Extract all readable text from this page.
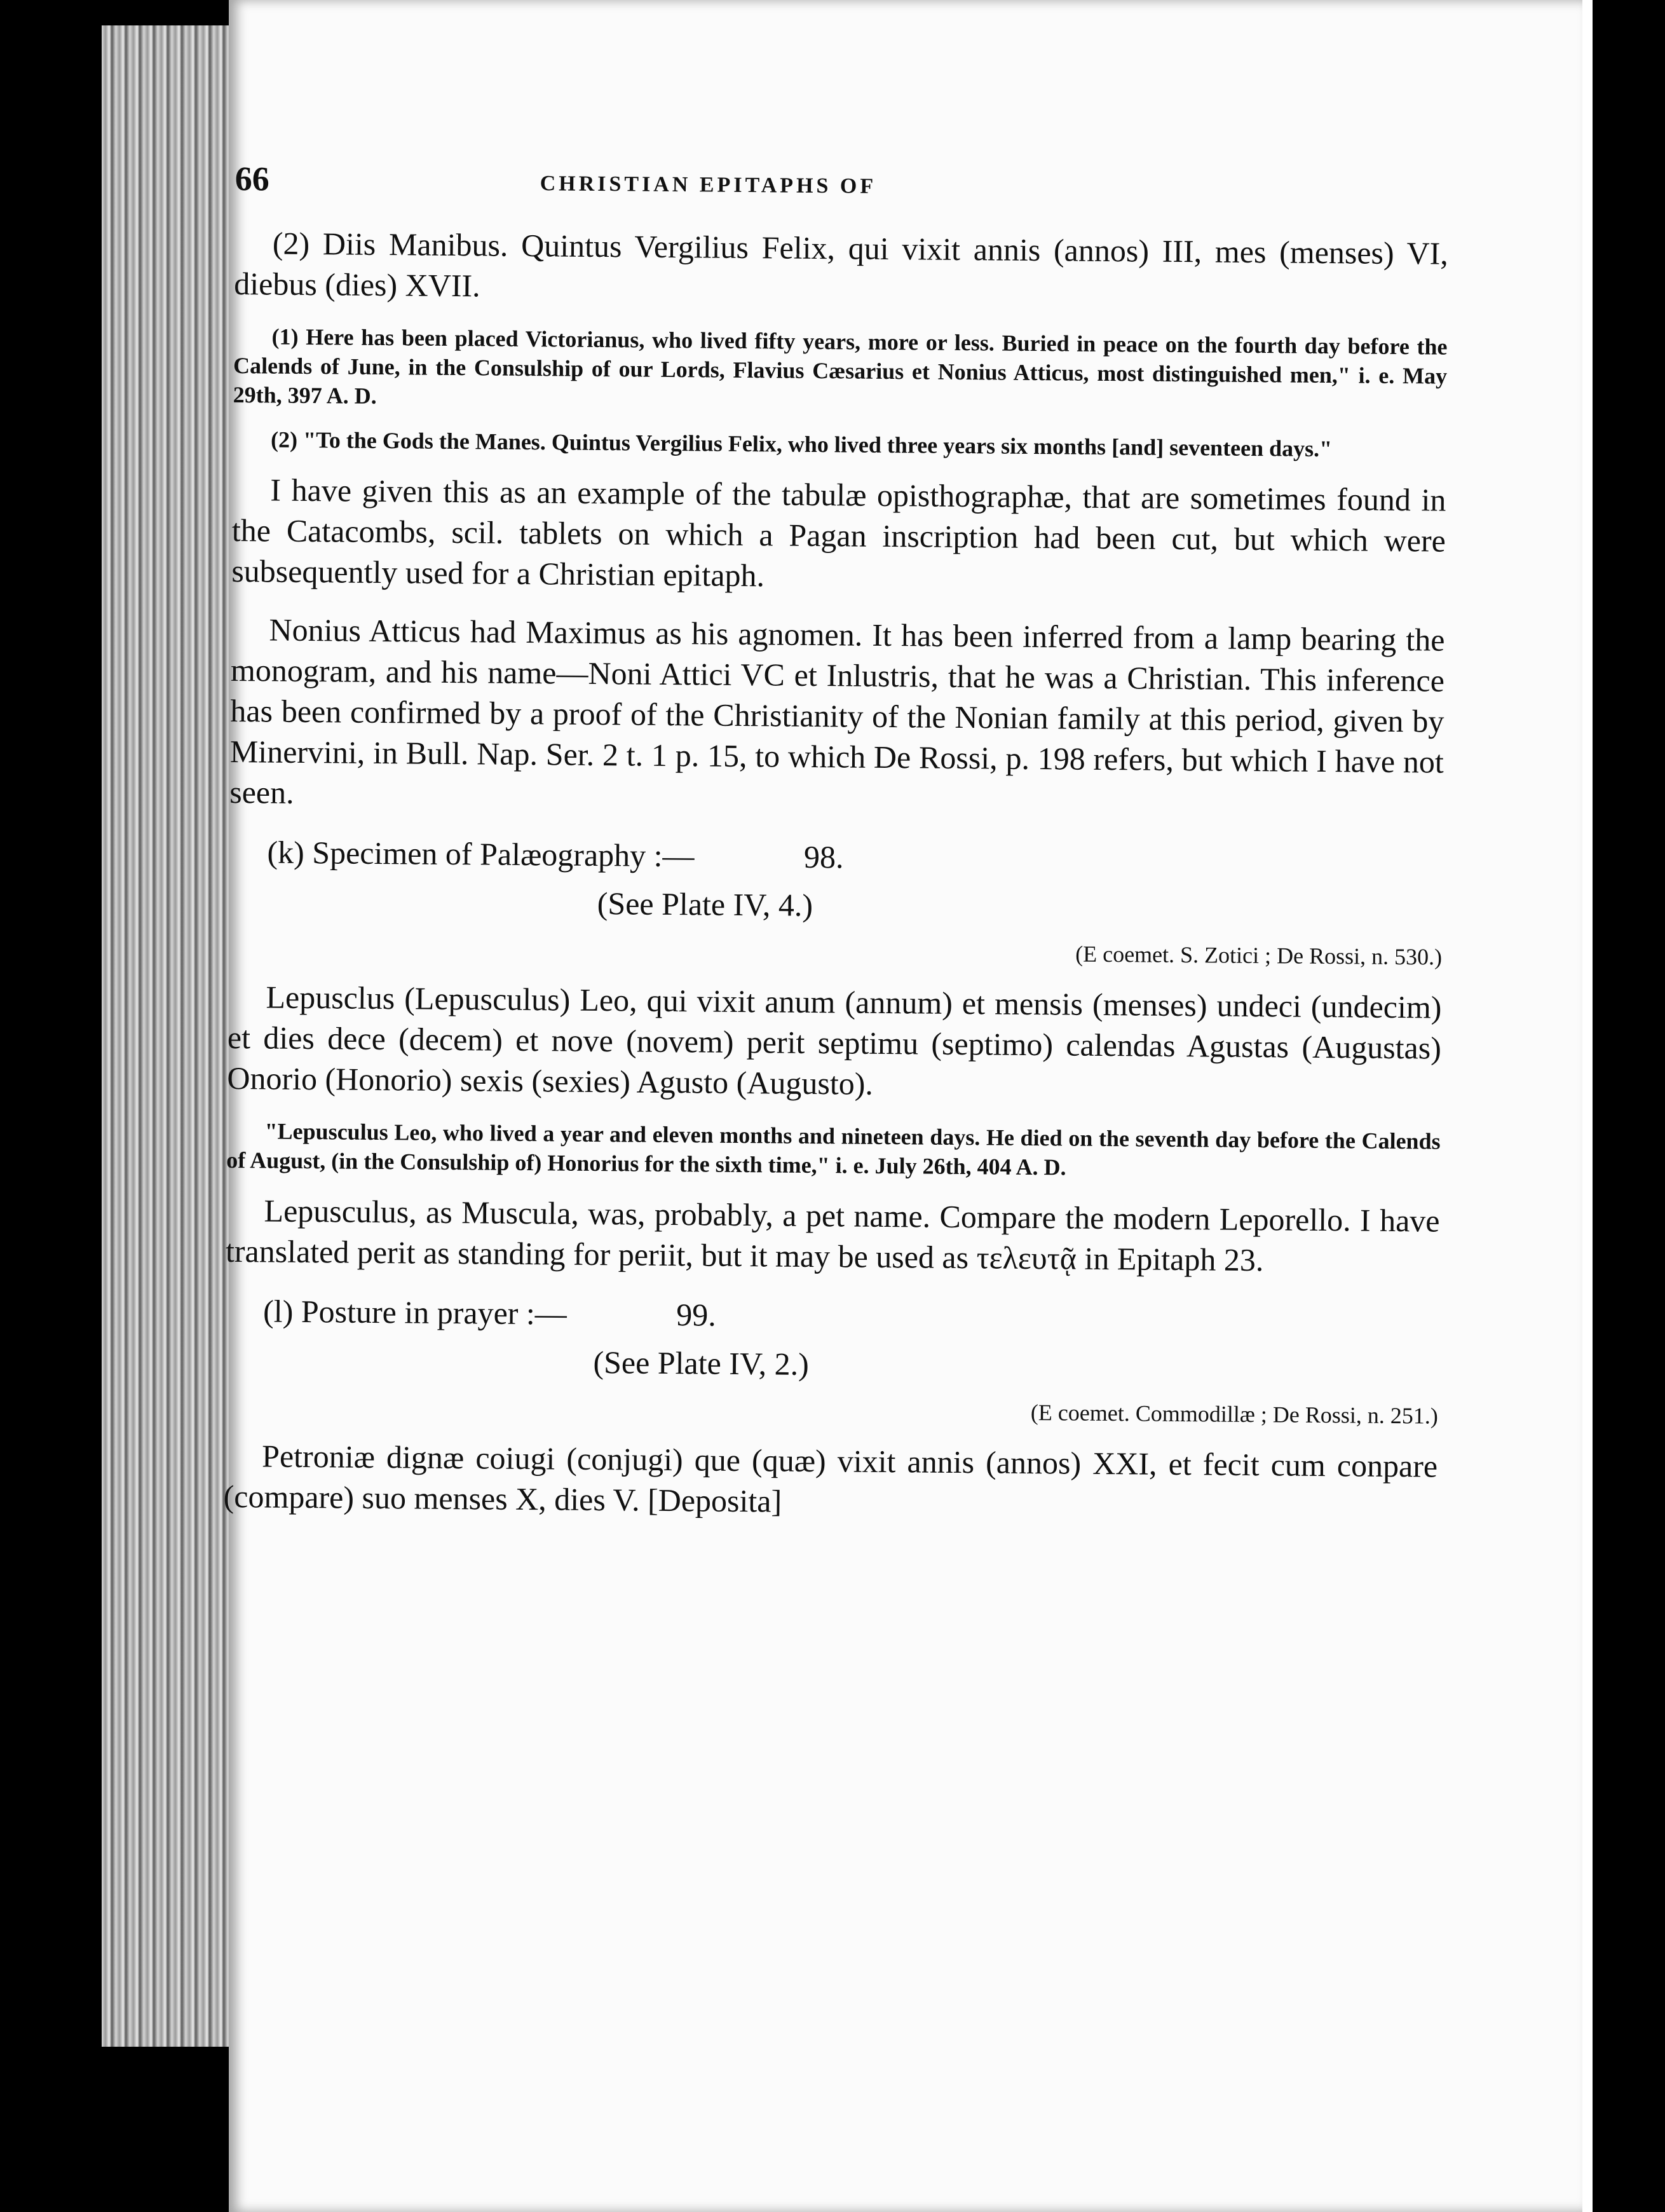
66	CHRISTIAN EPITAPHS OF

(2) Diis Manibus. Quintus Vergilius Felix, qui vixit annis (annos) III, mes (menses) VI, diebus (dies) XVII.

(1) Here has been placed Victorianus, who lived fifty years, more or less. Buried in peace on the fourth day before the Calends of June, in the Consulship of our Lords, Flavius Cæsarius et Nonius Atticus, most distinguished men," i. e. May 29th, 397 A. D.

(2) "To the Gods the Manes. Quintus Vergilius Felix, who lived three years six months [and] seventeen days."

I have given this as an example of the tabulæ opisthographæ, that are sometimes found in the Catacombs, scil. tablets on which a Pagan inscription had been cut, but which were subsequently used for a Christian epitaph.

Nonius Atticus had Maximus as his agnomen. It has been inferred from a lamp bearing the monogram, and his name—Noni Attici VC et Inlustris, that he was a Christian. This inference has been confirmed by a proof of the Christianity of the Nonian family at this period, given by Minervini, in Bull. Nap. Ser. 2 t. 1 p. 15, to which De Rossi, p. 198 refers, but which I have not seen.

(k) Specimen of Palæography :—	98.
(See Plate IV, 4.)
(E coemet. S. Zotici ; De Rossi, n. 530.)

Lepusclus (Lepusculus) Leo, qui vixit anum (annum) et mensis (menses) undeci (undecim) et dies dece (decem) et nove (novem) perit septimu (septimo) calendas Agustas (Augustas) Onorio (Honorio) sexis (sexies) Agusto (Augusto).

"Lepusculus Leo, who lived a year and eleven months and nineteen days. He died on the seventh day before the Calends of August, (in the Consulship of) Honorius for the sixth time," i. e. July 26th, 404 A. D.

Lepusculus, as Muscula, was, probably, a pet name. Compare the modern Leporello. I have translated perit as standing for periit, but it may be used as τελευτᾷ in Epitaph 23.

(l) Posture in prayer :—	99.
(See Plate IV, 2.)
(E coemet. Commodillæ ; De Rossi, n. 251.)

Petroniæ dignæ coiugi (conjugi) que (quæ) vixit annis (annos) XXI, et fecit cum conpare (compare) suo menses X, dies V. [Deposita]
